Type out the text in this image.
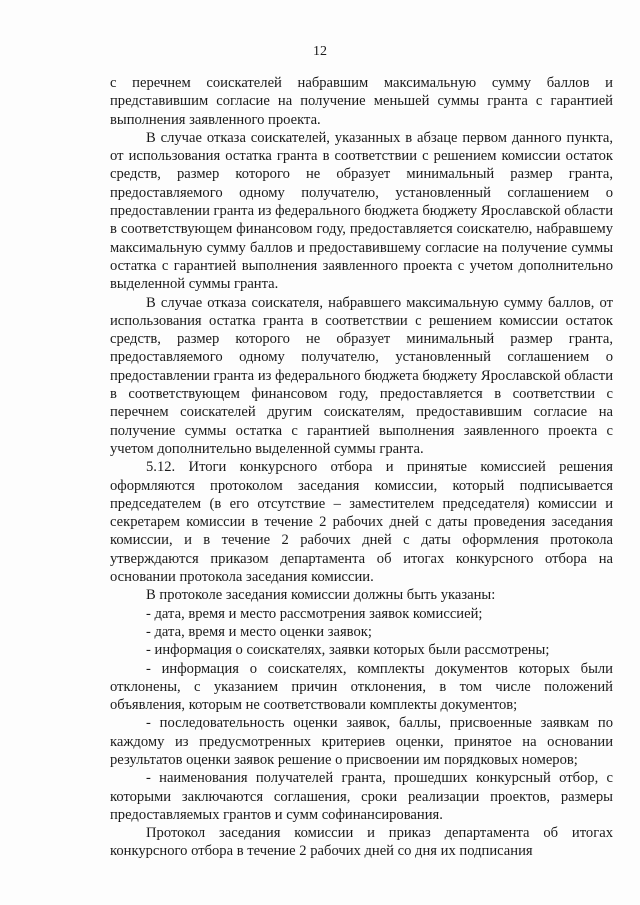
12

с перечнем соискателей набравшим максимальную сумму баллов и представившим согласие на получение меньшей суммы гранта с гарантией выполнения заявленного проекта.

В случае отказа соискателей, указанных в абзаце первом данного пункта, от использования остатка гранта в соответствии с решением комиссии остаток средств, размер которого не образует минимальный размер гранта, предоставляемого одному получателю, установленный соглашением о предоставлении гранта из федерального бюджета бюджету Ярославской области в соответствующем финансовом году, предоставляется соискателю, набравшему максимальную сумму баллов и предоставившему согласие на получение суммы остатка с гарантией выполнения заявленного проекта с учетом дополнительно выделенной суммы гранта.

В случае отказа соискателя, набравшего максимальную сумму баллов, от использования остатка гранта в соответствии с решением комиссии остаток средств, размер которого не образует минимальный размер гранта, предоставляемого одному получателю, установленный соглашением о предоставлении гранта из федерального бюджета бюджету Ярославской области в соответствующем финансовом году, предоставляется в соответствии с перечнем соискателей другим соискателям, предоставившим согласие на получение суммы остатка с гарантией выполнения заявленного проекта с учетом дополнительно выделенной суммы гранта.

5.12. Итоги конкурсного отбора и принятые комиссией решения оформляются протоколом заседания комиссии, который подписывается председателем (в его отсутствие – заместителем председателя) комиссии и секретарем комиссии в течение 2 рабочих дней с даты проведения заседания комиссии, и в течение 2 рабочих дней с даты оформления протокола утверждаются приказом департамента об итогах конкурсного отбора на основании протокола заседания комиссии.

В протоколе заседания комиссии должны быть указаны:

- дата, время и место рассмотрения заявок комиссией;

- дата, время и место оценки заявок;

- информация о соискателях, заявки которых были рассмотрены;

- информация о соискателях, комплекты документов которых были отклонены, с указанием причин отклонения, в том числе положений объявления, которым не соответствовали комплекты документов;

- последовательность оценки заявок, баллы, присвоенные заявкам по каждому из предусмотренных критериев оценки, принятое на основании результатов оценки заявок решение о присвоении им порядковых номеров;

- наименования получателей гранта, прошедших конкурсный отбор, с которыми заключаются соглашения, сроки реализации проектов, размеры предоставляемых грантов и сумм софинансирования.

Протокол заседания комиссии и приказ департамента об итогах конкурсного отбора в течение 2 рабочих дней со дня их подписания
